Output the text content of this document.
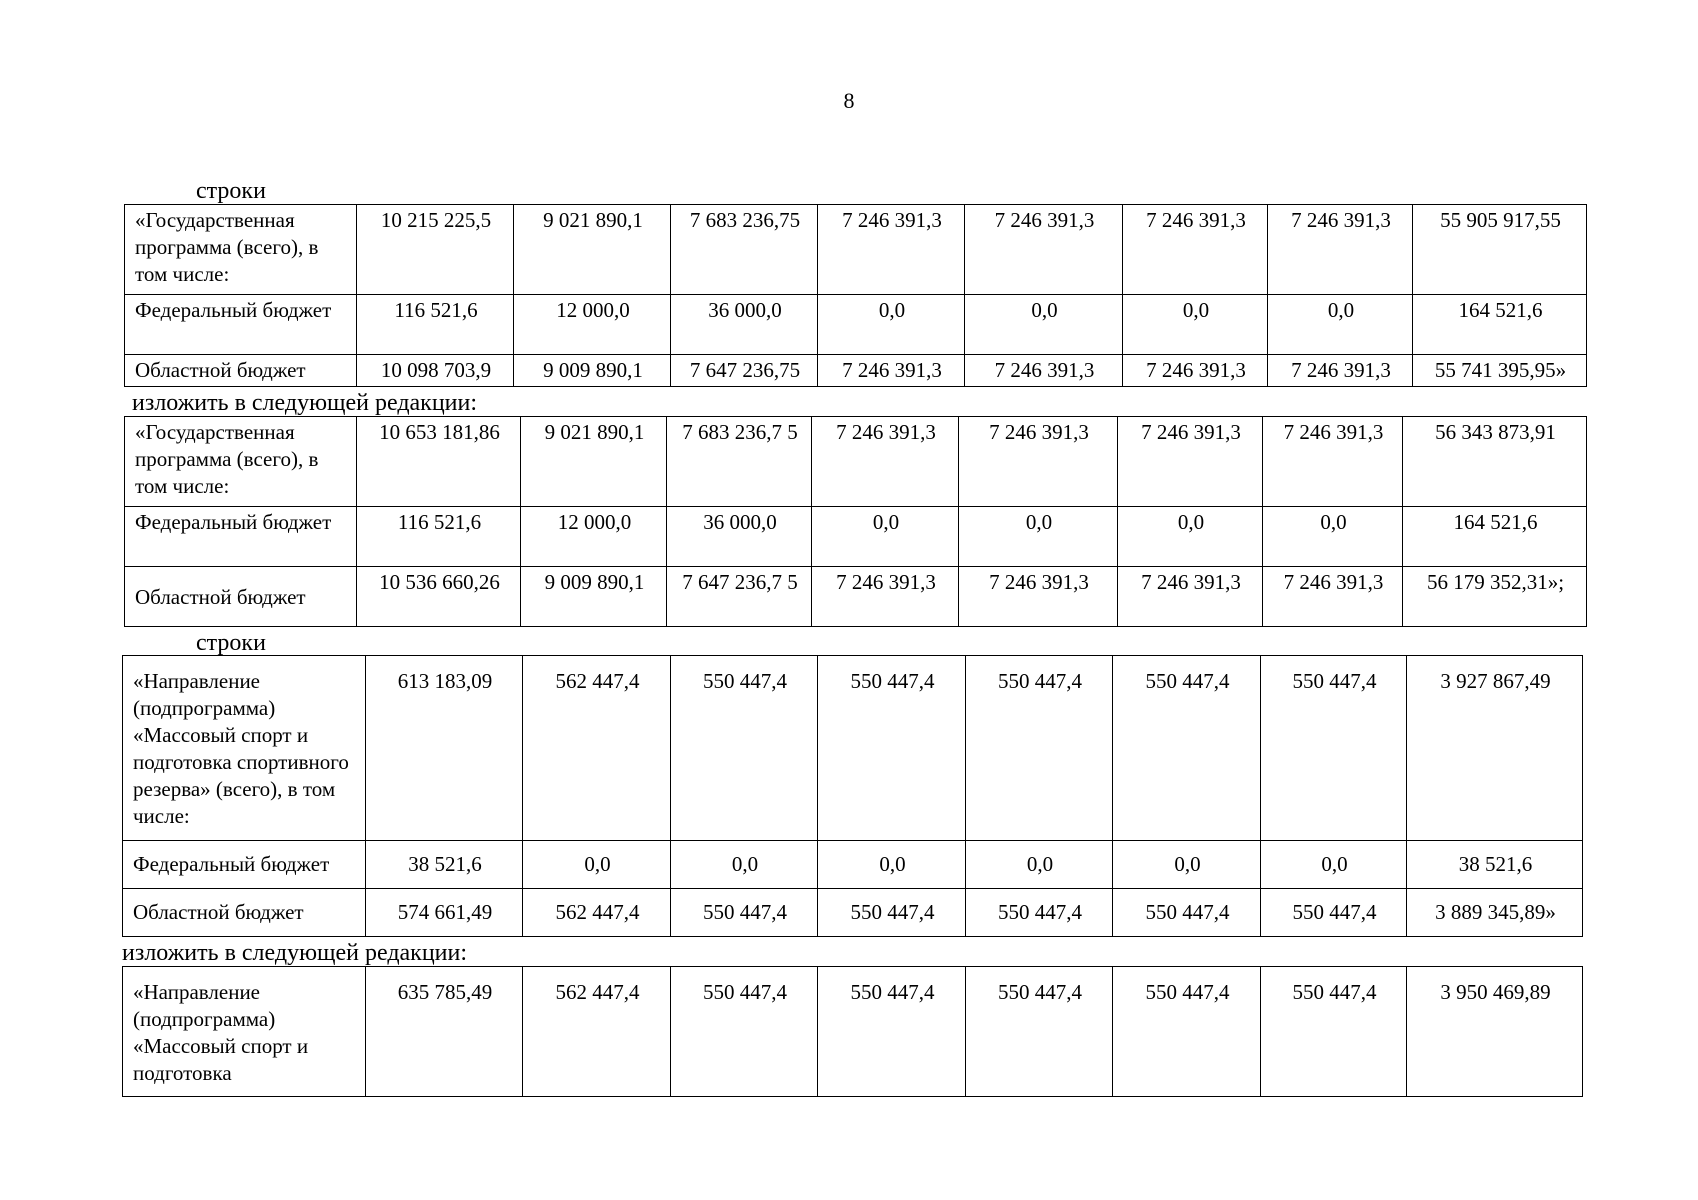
8
строки
«Государственная программа (всего), в том числе:	10 215 225,5	9 021 890,1	7 683 236,75	7 246 391,3	7 246 391,3	7 246 391,3	7 246 391,3	55 905 917,55
Федеральный бюджет	116 521,6	12 000,0	36 000,0	0,0	0,0	0,0	0,0	164 521,6
Областной бюджет	10 098 703,9	9 009 890,1	7 647 236,75	7 246 391,3	7 246 391,3	7 246 391,3	7 246 391,3	55 741 395,95»
изложить в следующей редакции:
«Государственная программа (всего), в том числе:	10 653 181,86	9 021 890,1	7 683 236,7 5	7 246 391,3	7 246 391,3	7 246 391,3	7 246 391,3	56 343 873,91
Федеральный бюджет	116 521,6	12 000,0	36 000,0	0,0	0,0	0,0	0,0	164 521,6
Областной бюджет	10 536 660,26	9 009 890,1	7 647 236,7 5	7 246 391,3	7 246 391,3	7 246 391,3	7 246 391,3	56 179 352,31»;
строки
«Направление (подпрограмма) «Массовый спорт и подготовка спортивного резерва» (всего), в том числе:	613 183,09	562 447,4	550 447,4	550 447,4	550 447,4	550 447,4	550 447,4	3 927 867,49
Федеральный бюджет	38 521,6	0,0	0,0	0,0	0,0	0,0	0,0	38 521,6
Областной бюджет	574 661,49	562 447,4	550 447,4	550 447,4	550 447,4	550 447,4	550 447,4	3 889 345,89»
изложить в следующей редакции:
«Направление (подпрограмма) «Массовый спорт и подготовка	635 785,49	562 447,4	550 447,4	550 447,4	550 447,4	550 447,4	550 447,4	3 950 469,89
